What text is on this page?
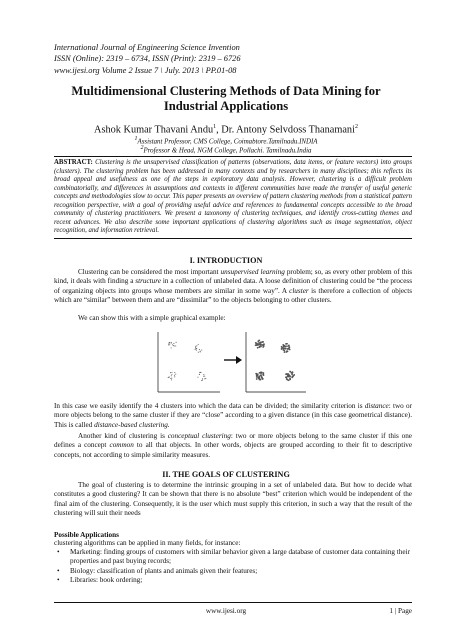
International Journal of Engineering Science Invention
ISSN (Online): 2319 – 6734, ISSN (Print): 2319 – 6726
www.ijesi.org Volume 2 Issue 7 \ July. 2013 \ PP.01-08
Multidimensional Clustering Methods of Data Mining for
Industrial Applications
Ashok Kumar Thavani Andu$^1$, Dr. Antony Selvdoss Thanamani$^2$
$^1$Assistant Professor, CMS College, Coimabtore.Tamilnadu.INDIA
$^2$Professor & Head, NGM College, Pollachi. Tamilnadu.India
ABSTRACT: Clustering is the unsupervised classification of patterns (observations, data items, or feature vectors) into groups (clusters). The clustering problem has been addressed in many contexts and by researchers in many disciplines; this reflects its broad appeal and usefulness as one of the steps in exploratory data analysis. However, clustering is a difficult problem combinatorially, and differences in assumptions and contexts in different communities have made the transfer of useful generic concepts and methodologies slow to occur. This paper presents an overview of pattern clustering methods from a statistical pattern recognition perspective, with a goal of providing useful advice and references to fundamental concepts accessible to the broad community of clustering practitioners. We present a taxonomy of clustering techniques, and identify cross-cutting themes and recent advances. We also describe some important applications of clustering algorithms such as image segmentation, object recognition, and information retrieval.
I. INTRODUCTION
Clustering can be considered the most important unsupervised learning problem; so, as every other problem of this kind, it deals with finding a structure in a collection of unlabeled data. A loose definition of clustering could be “the process of organizing objects into groups whose members are similar in some way”. A cluster is therefore a collection of objects which are “similar” between them and are “dissimilar” to the objects belonging to other clusters.
We can show this with a simple graphical example:
In this case we easily identify the 4 clusters into which the data can be divided; the similarity criterion is distance: two or more objects belong to the same cluster if they are “close” according to a given distance (in this case geometrical distance). This is called distance-based clustering.
Another kind of clustering is conceptual clustering: two or more objects belong to the same cluster if this one defines a concept common to all that objects. In other words, objects are grouped according to their fit to descriptive concepts, not according to simple similarity measures.
II. THE GOALS OF CLUSTERING
The goal of clustering is to determine the intrinsic grouping in a set of unlabeled data. But how to decide what constitutes a good clustering? It can be shown that there is no absolute “best” criterion which would be independent of the final aim of the clustering. Consequently, it is the user which must supply this criterion, in such a way that the result of the clustering will suit their needs
Possible Applications
clustering algorithms can be applied in many fields, for instance:
• Marketing: finding groups of customers with similar behavior given a large database of customer data containing their properties and past buying records;
• Biology: classification of plants and animals given their features;
• Libraries: book ordering;
www.ijesi.org	1 | Page
